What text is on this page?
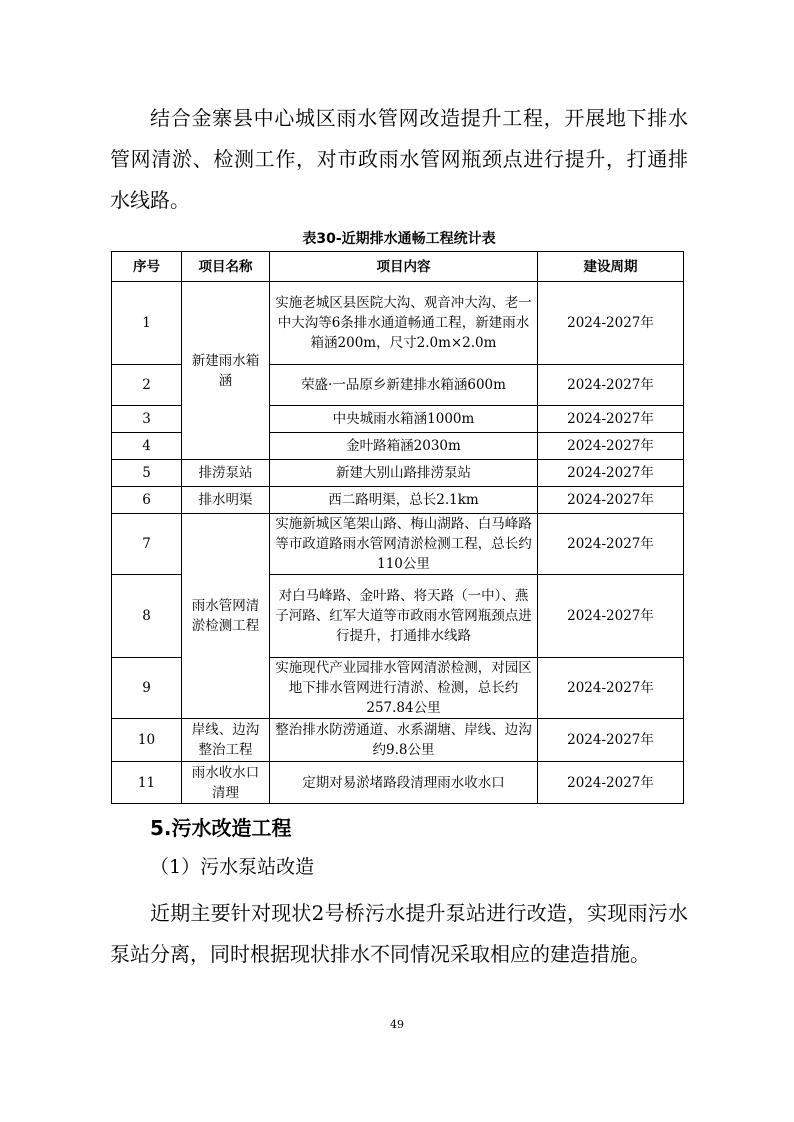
结合金寨县中心城区雨水管网改造提升工程，开展地下排水管网清淤、检测工作，对市政雨水管网瓶颈点进行提升，打通排水线路。

表30-近期排水通畅工程统计表
序号	项目名称	项目内容	建设周期
1	新建雨水箱涵	实施老城区县医院大沟、观音冲大沟、老一中大沟等6条排水通道畅通工程，新建雨水箱涵200m，尺寸2.0m×2.0m	2024-2027年
2		荣盛·一品原乡新建排水箱涵600m	2024-2027年
3		中央城雨水箱涵1000m	2024-2027年
4		金叶路箱涵2030m	2024-2027年
5	排涝泵站	新建大别山路排涝泵站	2024-2027年
6	排水明渠	西二路明渠，总长2.1km	2024-2027年
7	雨水管网清淤检测工程	实施新城区笔架山路、梅山湖路、白马峰路等市政道路雨水管网清淤检测工程，总长约110公里	2024-2027年
8		对白马峰路、金叶路、将天路（一中）、燕子河路、红军大道等市政雨水管网瓶颈点进行提升，打通排水线路	2024-2027年
9		实施现代产业园排水管网清淤检测，对园区地下排水管网进行清淤、检测，总长约257.84公里	2024-2027年
10	岸线、边沟整治工程	整治排水防涝通道、水系湖塘、岸线、边沟约9.8公里	2024-2027年
11	雨水收水口清理	定期对易淤堵路段清理雨水收水口	2024-2027年
5.污水改造工程

（1）污水泵站改造

近期主要针对现状2号桥污水提升泵站进行改造，实现雨污水泵站分离，同时根据现状排水不同情况采取相应的建造措施。

49
